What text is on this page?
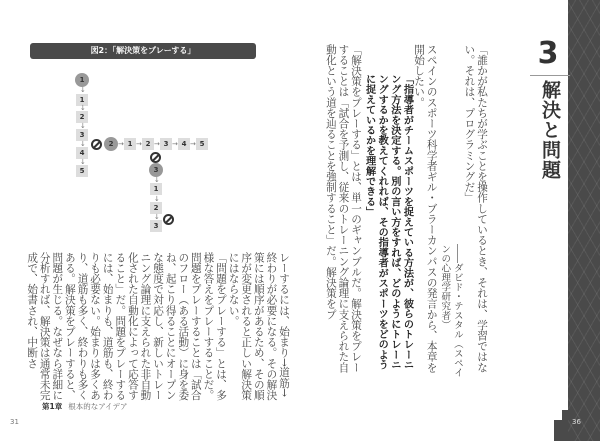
図2：「解決策をプレーする」
1
1
2
3
4
5
↓
↓
↓
↓
↓
2	1	2	3	4	5
→ → → → →
3
1
2
3
↓
↓
↓

レーするには、始まり→道筋→終わりが必要になる。その解決策には順序があるため、その順序が変更されると正しい解決策にはならない。

「問題をプレーする」とは、多様な答えをプレーすることだ。問題をプレーすることは「試合のフロー（ある活動）に身を委ね、起こり得ることにオープンな態度で対応し、新しいトレーニング論理に支えられた非自動化された自動化によって応答すること」だ。問題をプレーするには、始まりも、道筋も、終わりも必要ない。始まりは多くあり、道筋も多く、終わりも多くある。解決策をプレーすると、問題が生じる。なぜなら詳細に分析すれば、解決策は通常未完成で、始書され、中断さ

第1章 根本的なアイデア
31

「誰かが私たちが学ぶことを操作しているとき、それは、学習ではない。それは、プログラミングだ」

――ダビド・テスタル（スペインの心理学研究者）

スペインのスポーツ科学者ギル・ブラーカンパスの発言から、本章を開始したい。

「指導者がチームスポーツを捉えている方法が、彼らのトレーニング方法を決定する。別の言い方をすれば、どのようにトレーニングするかを教えてくれれば、その指導者がスポーツをどのように捉えているかを理解できる」

「解決策をプレーする」とは、単一のギャンブルだ。解決策をプレーすることは「試合を予測し、従来のトレーニング論理に支えられた自動化という道を辿ることを強制すること」だ。解決策をプ	3
解決と問題
36
